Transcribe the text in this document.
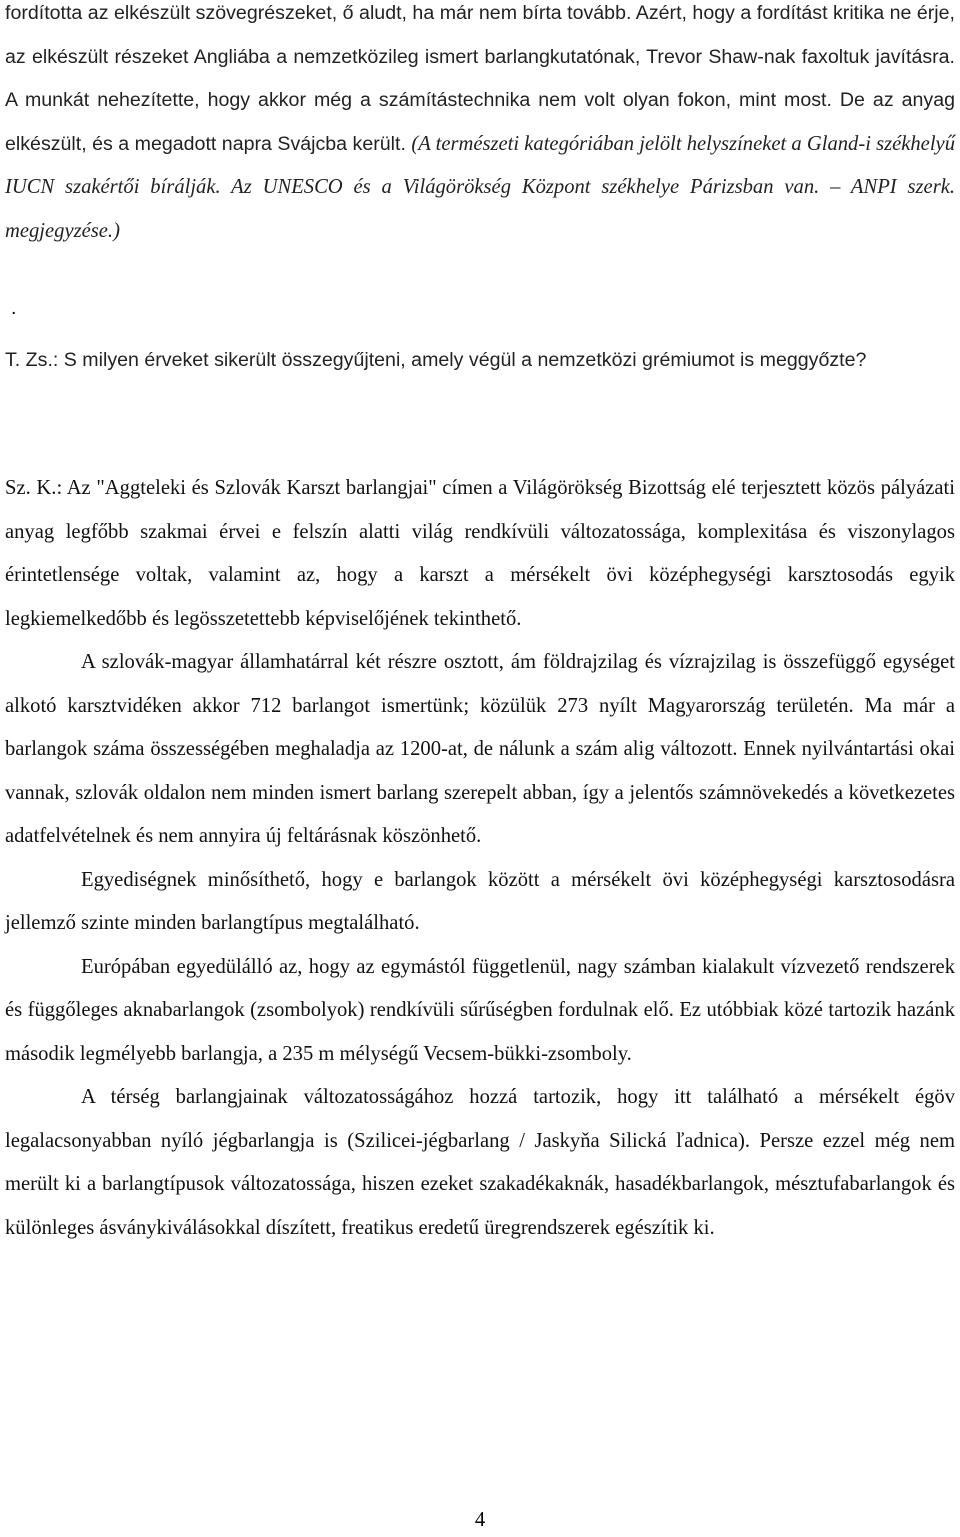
fordította az elkészült szövegrészeket, ő aludt, ha már nem bírta tovább. Azért, hogy a fordítást kritika ne érje, az elkészült részeket Angliába a nemzetközileg ismert barlangkutatónak, Trevor Shaw-nak faxoltuk javításra. A munkát nehezítette, hogy akkor még a számítástechnika nem volt olyan fokon, mint most. De az anyag elkészült, és a megadott napra Svájcba került. (A természeti kategóriában jelölt helyszíneket a Gland-i székhelyű IUCN szakértői bírálják. Az UNESCO és a Világörökség Központ székhelye Párizsban van. – ANPI szerk. megjegyzése.)

.

T. Zs.: S milyen érveket sikerült összegyűjteni, amely végül a nemzetközi grémiumot is meggyőzte?

Sz. K.: Az "Aggteleki és Szlovák Karszt barlangjai" címen a Világörökség Bizottság elé terjesztett közös pályázati anyag legfőbb szakmai érvei e felszín alatti világ rendkívüli változatossága, komplexitása és viszonylagos érintetlensége voltak, valamint az, hogy a karszt a mérsékelt övi középhegységi karsztosodás egyik legkiemelkedőbb és legösszetettebb képviselőjének tekinthető.

A szlovák-magyar államhatárral két részre osztott, ám földrajzilag és vízrajzilag is összefüggő egységet alkotó karsztvidéken akkor 712 barlangot ismertünk; közülük 273 nyílt Magyarország területén. Ma már a barlangok száma összességében meghaladja az 1200-at, de nálunk a szám alig változott. Ennek nyilvántartási okai vannak, szlovák oldalon nem minden ismert barlang szerepelt abban, így a jelentős számnövekedés a következetes adatfelvételnek és nem annyira új feltárásnak köszönhető.

Egyediségnek minősíthető, hogy e barlangok között a mérsékelt övi középhegységi karsztosodásra jellemző szinte minden barlangtípus megtalálható.

Európában egyedülálló az, hogy az egymástól függetlenül, nagy számban kialakult vízvezető rendszerek és függőleges aknabarlangok (zsombolyok) rendkívüli sűrűségben fordulnak elő. Ez utóbbiak közé tartozik hazánk második legmélyebb barlangja, a 235 m mélységű Vecsem-bükki-zsomboly.

A térség barlangjainak változatosságához hozzá tartozik, hogy itt található a mérsékelt égöv legalacsonyabban nyíló jégbarlangja is (Szilicei-jégbarlang / Jaskyňa Silická ľadnica). Persze ezzel még nem merült ki a barlangtípusok változatossága, hiszen ezeket szakadékaknák, hasadékbarlangok, mésztufabarlangok és különleges ásványkiválásokkal díszített, freatikus eredetű üregrendszerek egészítik ki.

4
